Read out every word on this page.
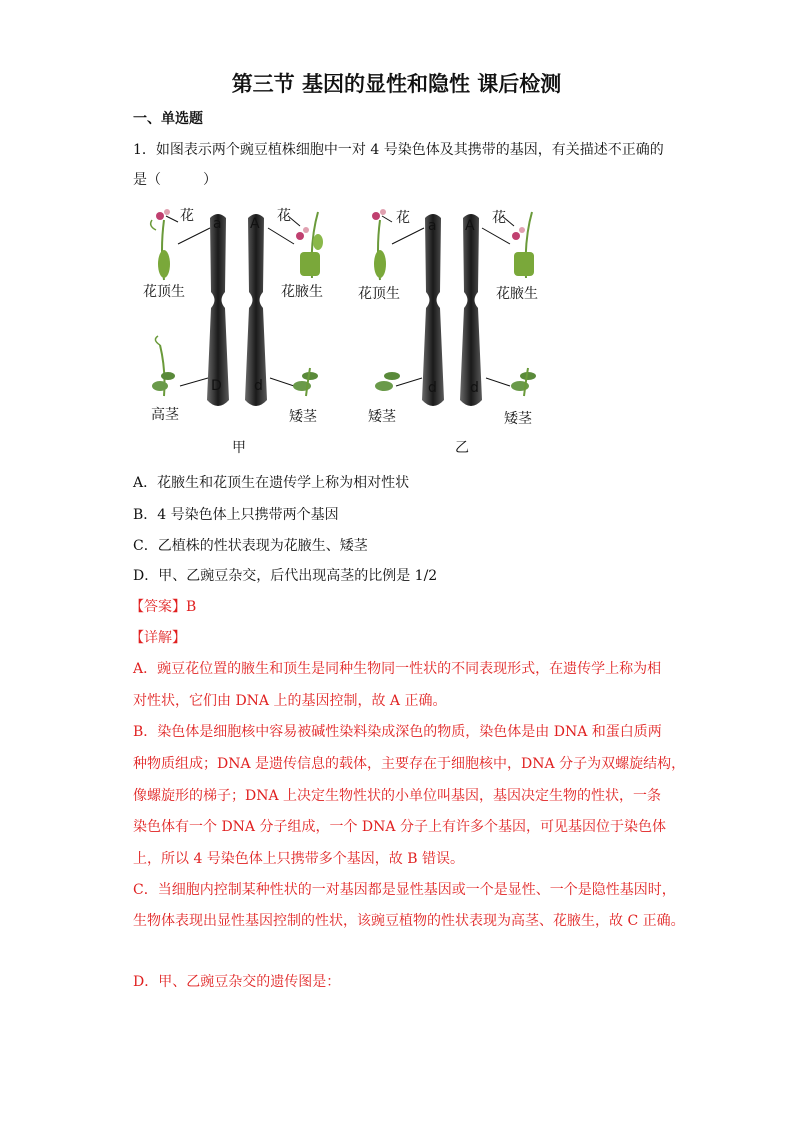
第三节 基因的显性和隐性 课后检测
一、单选题
1．如图表示两个豌豆植株细胞中一对 4 号染色体及其携带的基因，有关描述不正确的
是（　　　）
花	花
a A
花顶生	花腋生
D d
高茎	矮茎
甲
花	花
a A
花顶生	花腋生
d d
矮茎	矮茎
乙
A．花腋生和花顶生在遗传学上称为相对性状
B．4 号染色体上只携带两个基因
C．乙植株的性状表现为花腋生、矮茎
D．甲、乙豌豆杂交，后代出现高茎的比例是 1/2
【答案】B
【详解】
A．豌豆花位置的腋生和顶生是同种生物同一性状的不同表现形式，在遗传学上称为相
对性状，它们由 DNA 上的基因控制，故 A 正确。
B．染色体是细胞核中容易被碱性染料染成深色的物质，染色体是由 DNA 和蛋白质两
种物质组成；DNA 是遗传信息的载体，主要存在于细胞核中，DNA 分子为双螺旋结构，
像螺旋形的梯子；DNA 上决定生物性状的小单位叫基因，基因决定生物的性状，一条
染色体有一个 DNA 分子组成，一个 DNA 分子上有许多个基因，可见基因位于染色体
上，所以 4 号染色体上只携带多个基因，故 B 错误。
C．当细胞内控制某种性状的一对基因都是显性基因或一个是显性、一个是隐性基因时，
生物体表现出显性基因控制的性状，该豌豆植物的性状表现为高茎、花腋生，故 C 正确。
D．甲、乙豌豆杂交的遗传图是：
